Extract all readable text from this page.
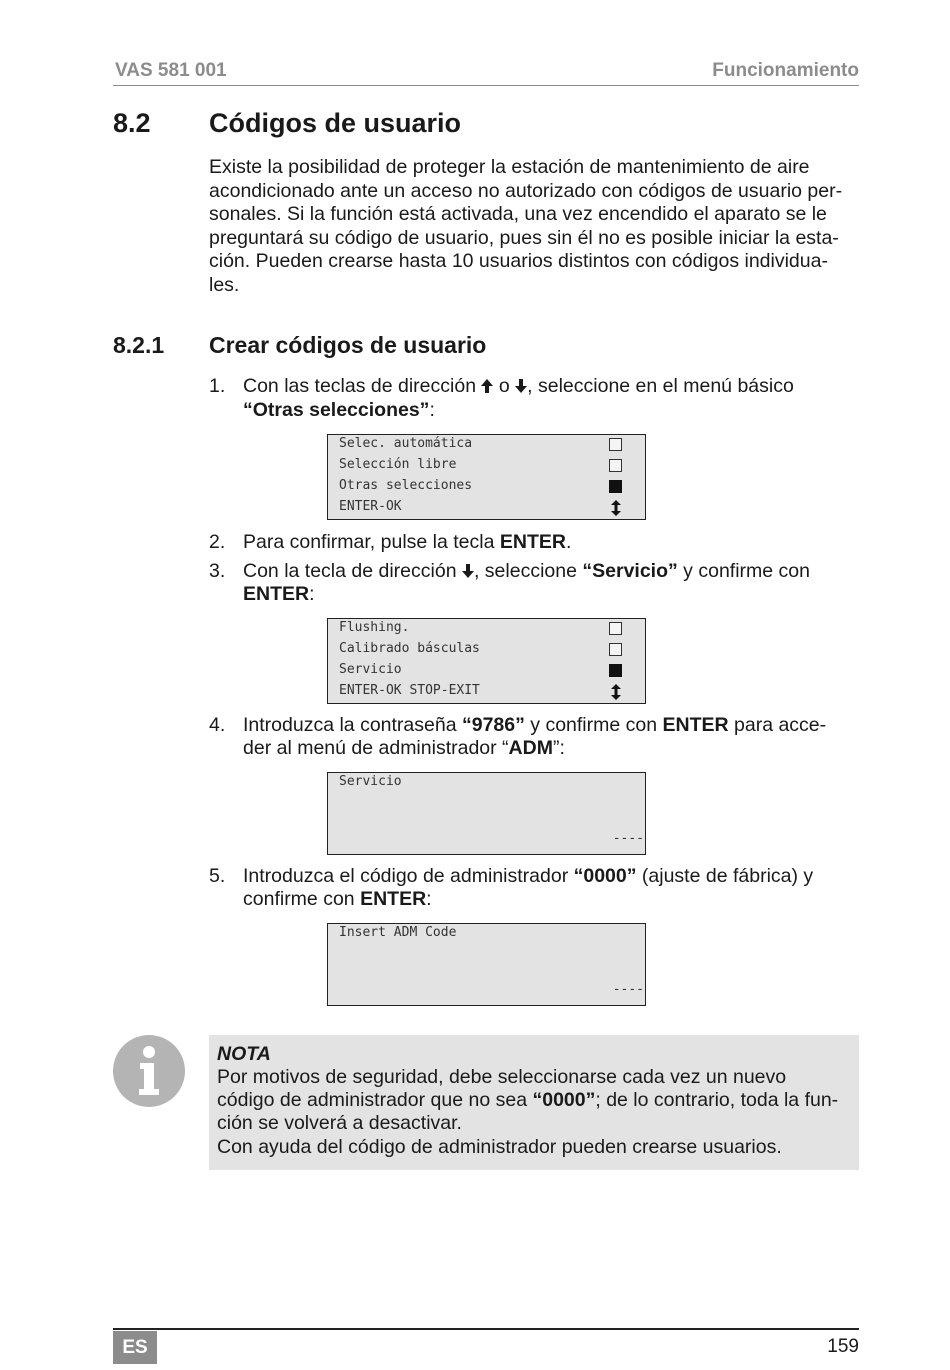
VAS 581 001	Funcionamiento
8.2 Códigos de usuario
Existe la posibilidad de proteger la estación de mantenimiento de aire
acondicionado ante un acceso no autorizado con códigos de usuario per-
sonales. Si la función está activada, una vez encendido el aparato se le
preguntará su código de usuario, pues sin él no es posible iniciar la esta-
ción. Pueden crearse hasta 10 usuarios distintos con códigos individua-
les.
8.2.1 Crear códigos de usuario
1. Con las teclas de dirección  o , seleccione en el menú básico
“Otras selecciones”:
Selec. automática
Selección libre
Otras selecciones
ENTER-OK
2. Para confirmar, pulse la tecla ENTER.
3. Con la tecla de dirección , seleccione “Servicio” y confirme con
ENTER:
Flushing.
Calibrado básculas
Servicio
ENTER-OK STOP-EXIT
4. Introduzca la contraseña “9786” y confirme con ENTER para acce-
der al menú de administrador “ADM”:
Servicio
----
5. Introduzca el código de administrador “0000” (ajuste de fábrica) y
confirme con ENTER:
Insert ADM Code
----
NOTA
Por motivos de seguridad, debe seleccionarse cada vez un nuevo
código de administrador que no sea “0000”; de lo contrario, toda la fun-
ción se volverá a desactivar.
Con ayuda del código de administrador pueden crearse usuarios.
ES	159
